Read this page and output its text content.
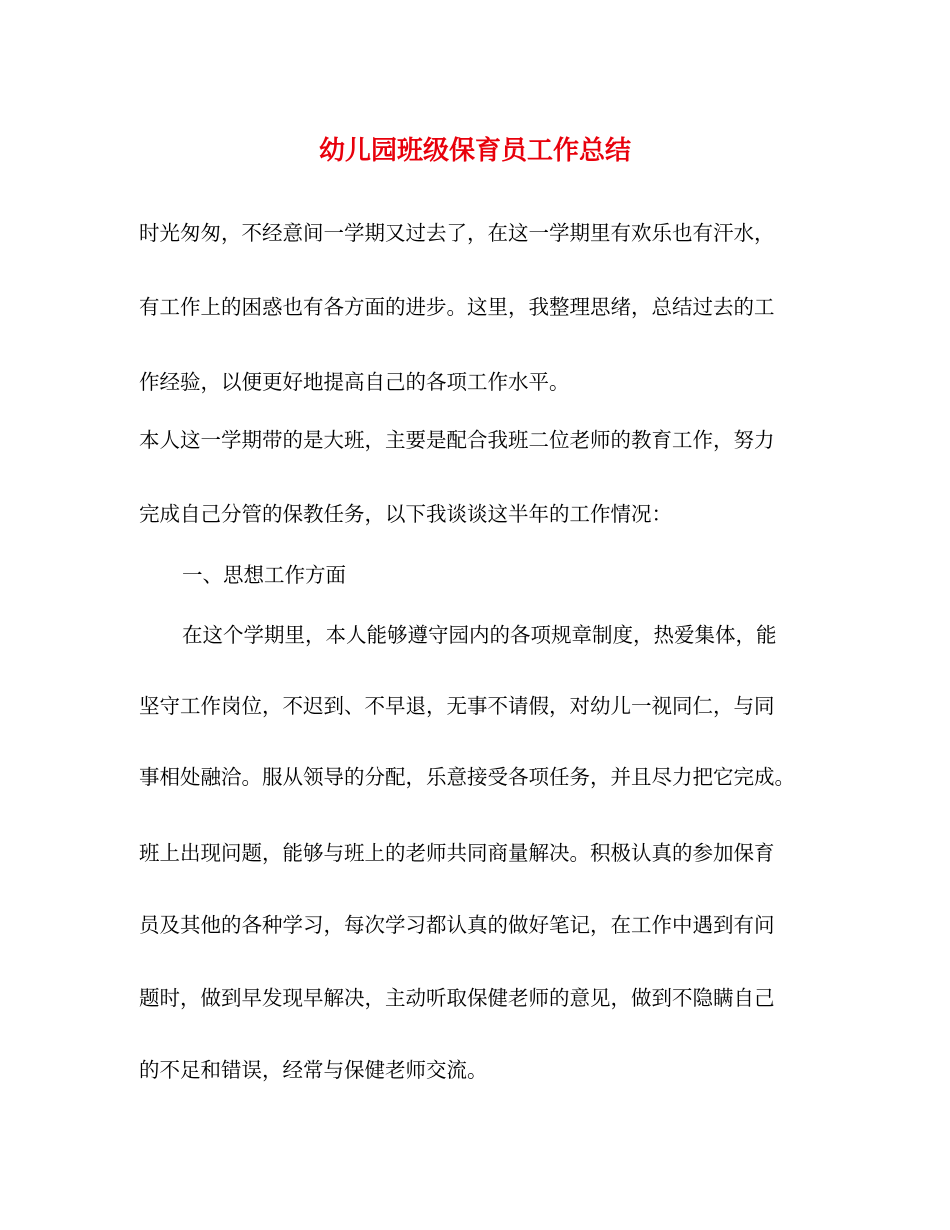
幼儿园班级保育员工作总结
时光匆匆，不经意间一学期又过去了，在这一学期里有欢乐也有汗水，
有工作上的困惑也有各方面的进步。这里，我整理思绪，总结过去的工
作经验，以便更好地提高自己的各项工作水平。
本人这一学期带的是大班，主要是配合我班二位老师的教育工作，努力
完成自己分管的保教任务，以下我谈谈这半年的工作情况：
一、思想工作方面
在这个学期里，本人能够遵守园内的各项规章制度，热爱集体，能
坚守工作岗位，不迟到、不早退，无事不请假，对幼儿一视同仁，与同
事相处融洽。服从领导的分配，乐意接受各项任务，并且尽力把它完成。
班上出现问题，能够与班上的老师共同商量解决。积极认真的参加保育
员及其他的各种学习，每次学习都认真的做好笔记，在工作中遇到有问
题时，做到早发现早解决，主动听取保健老师的意见，做到不隐瞒自己
的不足和错误，经常与保健老师交流。
